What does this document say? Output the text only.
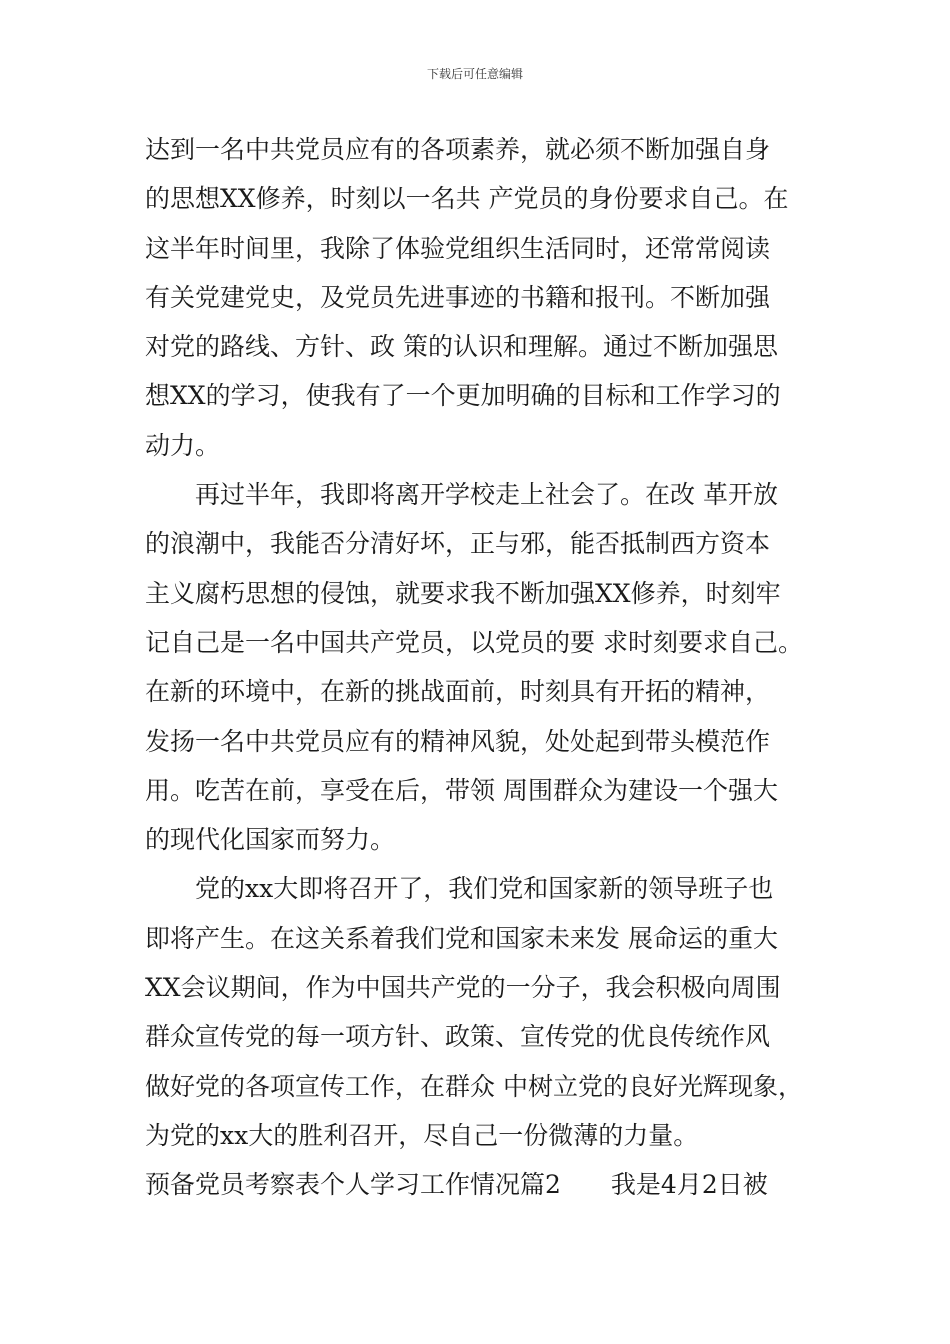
下载后可任意编辑
达到一名中共党员应有的各项素养，就必须不断加强自身
的思想XX修养，时刻以一名共 产党员的身份要求自己。在
这半年时间里，我除了体验党组织生活同时，还常常阅读
有关党建党史，及党员先进事迹的书籍和报刊。不断加强
对党的路线、方针、政 策的认识和理解。通过不断加强思
想XX的学习，使我有了一个更加明确的目标和工作学习的
动力。
再过半年，我即将离开学校走上社会了。在改 革开放
的浪潮中，我能否分清好坏，正与邪，能否抵制西方资本
主义腐朽思想的侵蚀，就要求我不断加强XX修养，时刻牢
记自己是一名中国共产党员，以党员的要 求时刻要求自己。
在新的环境中，在新的挑战面前，时刻具有开拓的精神，
发扬一名中共党员应有的精神风貌，处处起到带头模范作
用。吃苦在前，享受在后，带领 周围群众为建设一个强大
的现代化国家而努力。
党的xx大即将召开了，我们党和国家新的领导班子也
即将产生。在这关系着我们党和国家未来发 展命运的重大
XX会议期间，作为中国共产党的一分子，我会积极向周围
群众宣传党的每一项方针、政策、宣传党的优良传统作风
做好党的各项宣传工作，在群众 中树立党的良好光辉现象，
为党的xx大的胜利召开，尽自己一份微薄的力量。
预备党员考察表个人学习工作情况篇2　　我是4月2日被
